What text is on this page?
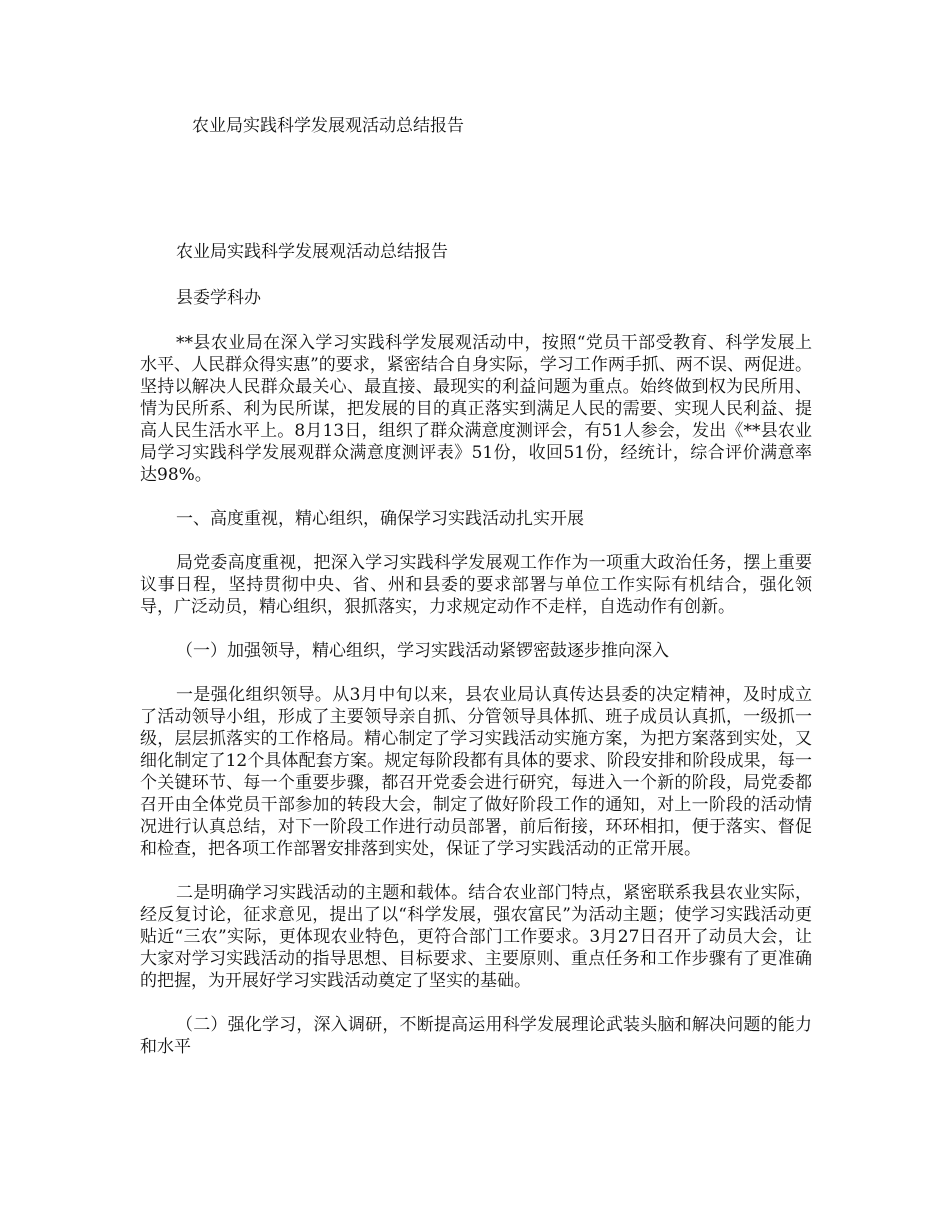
农业局实践科学发展观活动总结报告
农业局实践科学发展观活动总结报告
县委学科办

**县农业局在深入学习实践科学发展观活动中，按照“党员干部受教育、科学发展上水平、人民群众得实惠”的要求，紧密结合自身实际，学习工作两手抓、两不误、两促进。坚持以解决人民群众最关心、最直接、最现实的利益问题为重点。始终做到权为民所用、情为民所系、利为民所谋，把发展的目的真正落实到满足人民的需要、实现人民利益、提高人民生活水平上。8月13日，组织了群众满意度测评会，有51人参会，发出《**县农业局学习实践科学发展观群众满意度测评表》51份，收回51份，经统计，综合评价满意率达98%。

一、高度重视，精心组织，确保学习实践活动扎实开展

局党委高度重视，把深入学习实践科学发展观工作作为一项重大政治任务，摆上重要议事日程，坚持贯彻中央、省、州和县委的要求部署与单位工作实际有机结合，强化领导，广泛动员，精心组织，狠抓落实，力求规定动作不走样，自选动作有创新。

（一）加强领导，精心组织，学习实践活动紧锣密鼓逐步推向深入

一是强化组织领导。从3月中旬以来，县农业局认真传达县委的决定精神，及时成立了活动领导小组，形成了主要领导亲自抓、分管领导具体抓、班子成员认真抓，一级抓一级，层层抓落实的工作格局。精心制定了学习实践活动实施方案，为把方案落到实处，又细化制定了12个具体配套方案。规定每阶段都有具体的要求、阶段安排和阶段成果，每一个关键环节、每一个重要步骤，都召开党委会进行研究，每进入一个新的阶段，局党委都召开由全体党员干部参加的转段大会，制定了做好阶段工作的通知，对上一阶段的活动情况进行认真总结，对下一阶段工作进行动员部署，前后衔接，环环相扣，便于落实、督促和检查，把各项工作部署安排落到实处，保证了学习实践活动的正常开展。

二是明确学习实践活动的主题和载体。结合农业部门特点，紧密联系我县农业实际，经反复讨论，征求意见，提出了以“科学发展，强农富民”为活动主题；使学习实践活动更贴近“三农”实际，更体现农业特色，更符合部门工作要求。3月27日召开了动员大会，让大家对学习实践活动的指导思想、目标要求、主要原则、重点任务和工作步骤有了更准确的把握，为开展好学习实践活动奠定了坚实的基础。

（二）强化学习，深入调研，不断提高运用科学发展理论武装头脑和解决问题的能力和水平
